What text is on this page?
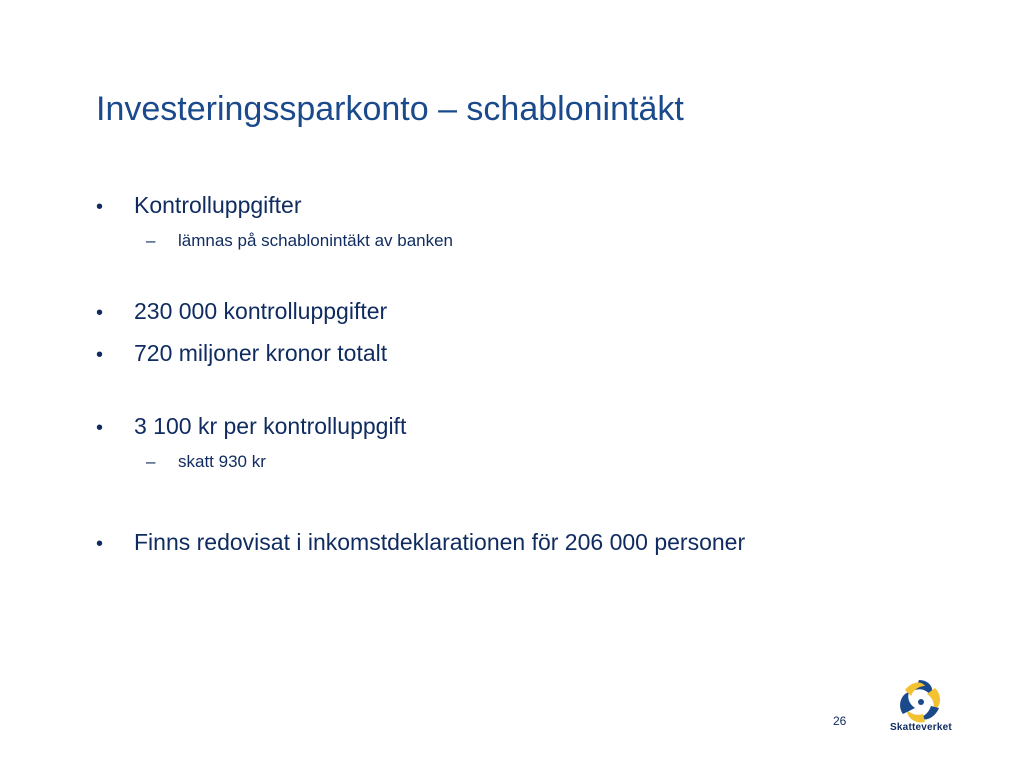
Investeringssparkonto – schablonintäkt
• Kontrolluppgifter
– lämnas på schablonintäkt av banken
• 230 000 kontrolluppgifter
• 720 miljoner kronor totalt
• 3 100 kr per kontrolluppgift
– skatt 930 kr
• Finns redovisat i inkomstdeklarationen för 206 000 personer
26	Skatteverket
